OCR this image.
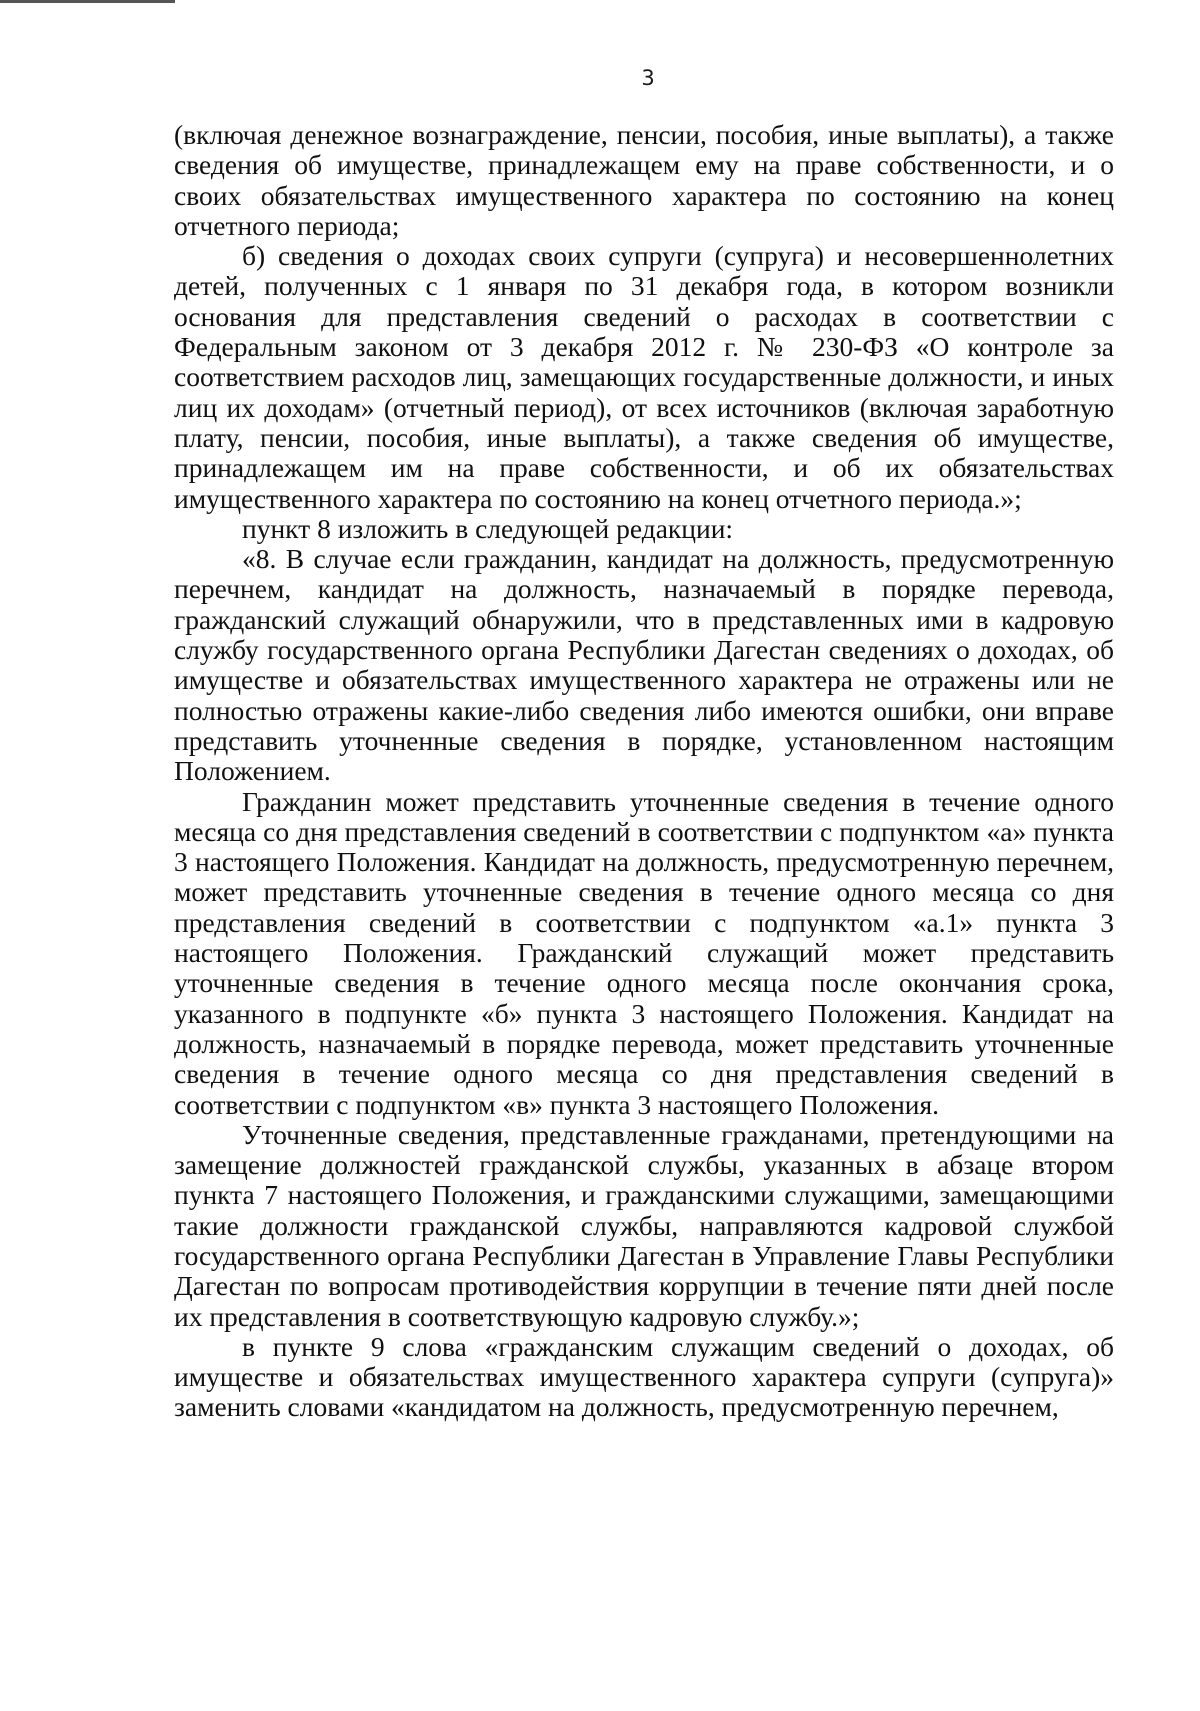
3

(включая денежное вознаграждение, пенсии, пособия, иные выплаты), а также сведения об имуществе, принадлежащем ему на праве собственности, и о своих обязательствах имущественного характера по состоянию на конец отчетного периода;

б) сведения о доходах своих супруги (супруга) и несовершеннолетних детей, полученных с 1 января по 31 декабря года, в котором возникли основания для представления сведений о расходах в соответствии с Федеральным законом от 3 декабря 2012 г. № 230-ФЗ «О контроле за соответствием расходов лиц, замещающих государственные должности, и иных лиц их доходам» (отчетный период), от всех источников (включая заработную плату, пенсии, пособия, иные выплаты), а также сведения об имуществе, принадлежащем им на праве собственности, и об их обязательствах имущественного характера по состоянию на конец отчетного периода.»;

пункт 8 изложить в следующей редакции:

«8. В случае если гражданин, кандидат на должность, предусмотренную перечнем, кандидат на должность, назначаемый в порядке перевода, гражданский служащий обнаружили, что в представленных ими в кадровую службу государственного органа Республики Дагестан сведениях о доходах, об имуществе и обязательствах имущественного характера не отражены или не полностью отражены какие-либо сведения либо имеются ошибки, они вправе представить уточненные сведения в порядке, установленном настоящим Положением.

Гражданин может представить уточненные сведения в течение одного месяца со дня представления сведений в соответствии с подпунктом «а» пункта 3 настоящего Положения. Кандидат на должность, предусмотренную перечнем, может представить уточненные сведения в течение одного месяца со дня представления сведений в соответствии с подпунктом «а.1» пункта 3 настоящего Положения. Гражданский служащий может представить уточненные сведения в течение одного месяца после окончания срока, указанного в подпункте «б» пункта 3 настоящего Положения. Кандидат на должность, назначаемый в порядке перевода, может представить уточненные сведения в течение одного месяца со дня представления сведений в соответствии с подпунктом «в» пункта 3 настоящего Положения.

Уточненные сведения, представленные гражданами, претендующими на замещение должностей гражданской службы, указанных в абзаце втором пункта 7 настоящего Положения, и гражданскими служащими, замещающими такие должности гражданской службы, направляются кадровой службой государственного органа Республики Дагестан в Управление Главы Республики Дагестан по вопросам противодействия коррупции в течение пяти дней после их представления в соответствующую кадровую службу.»;

в пункте 9 слова «гражданским служащим сведений о доходах, об имуществе и обязательствах имущественного характера супруги (супруга)» заменить словами «кандидатом на должность, предусмотренную перечнем,
